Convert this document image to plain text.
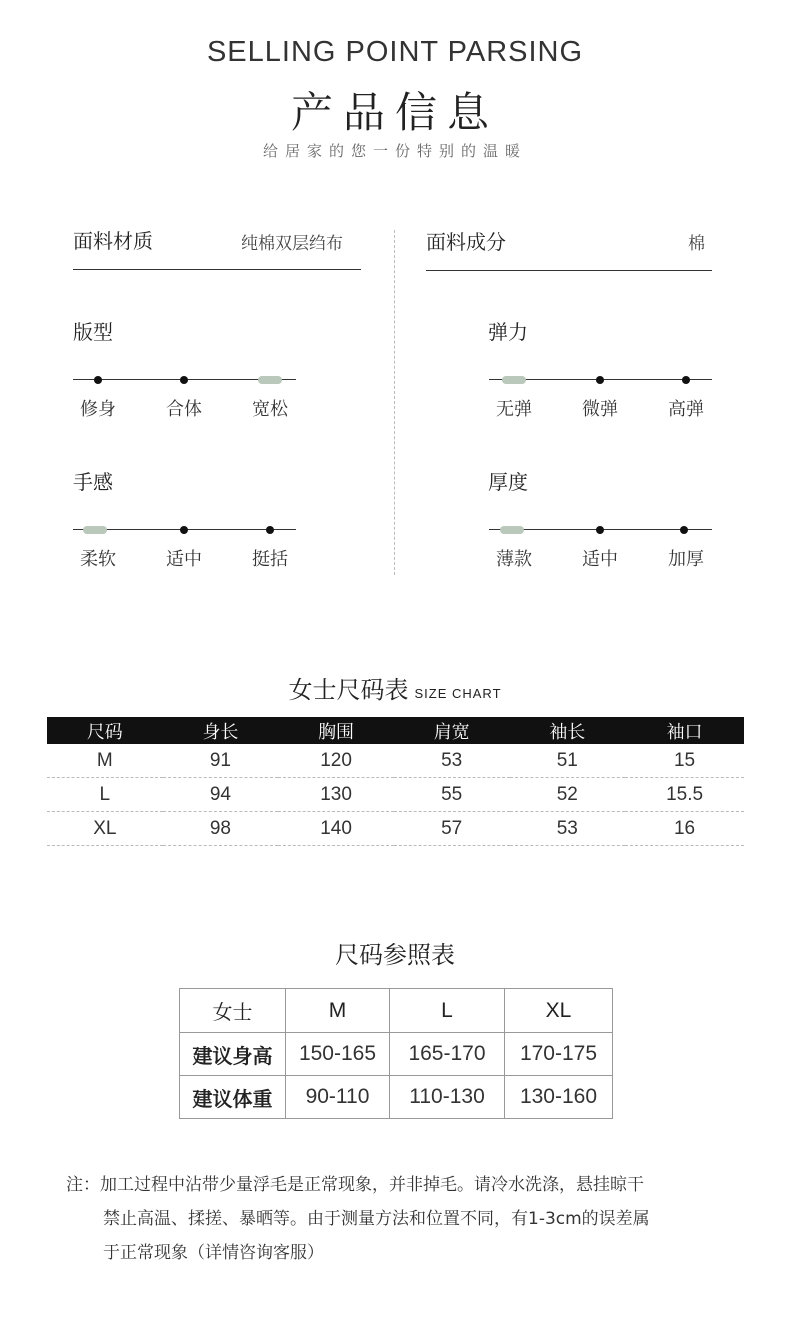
SELLING POINT PARSING
产品信息
给居家的您一份特别的温暖
面料材质	纯棉双层绉布	面料成分	棉
版型
修身	合体	宽松
弹力
无弹	微弹	高弹
手感
柔软	适中	挺括
厚度
薄款	适中	加厚
女士尺码表 SIZE CHART
尺码	身长	胸围	肩宽	袖长	袖口
M	91	120	53	51	15
L	94	130	55	52	15.5
XL	98	140	57	53	16
尺码参照表
女士	M	L	XL
建议身高	150-165	165-170	170-175
建议体重	90-110	110-130	130-160
注：加工过程中沾带少量浮毛是正常现象，并非掉毛。请冷水洗涤，悬挂晾干
禁止高温、揉搓、暴晒等。由于测量方法和位置不同，有1-3cm的误差属
于正常现象（详情咨询客服）
